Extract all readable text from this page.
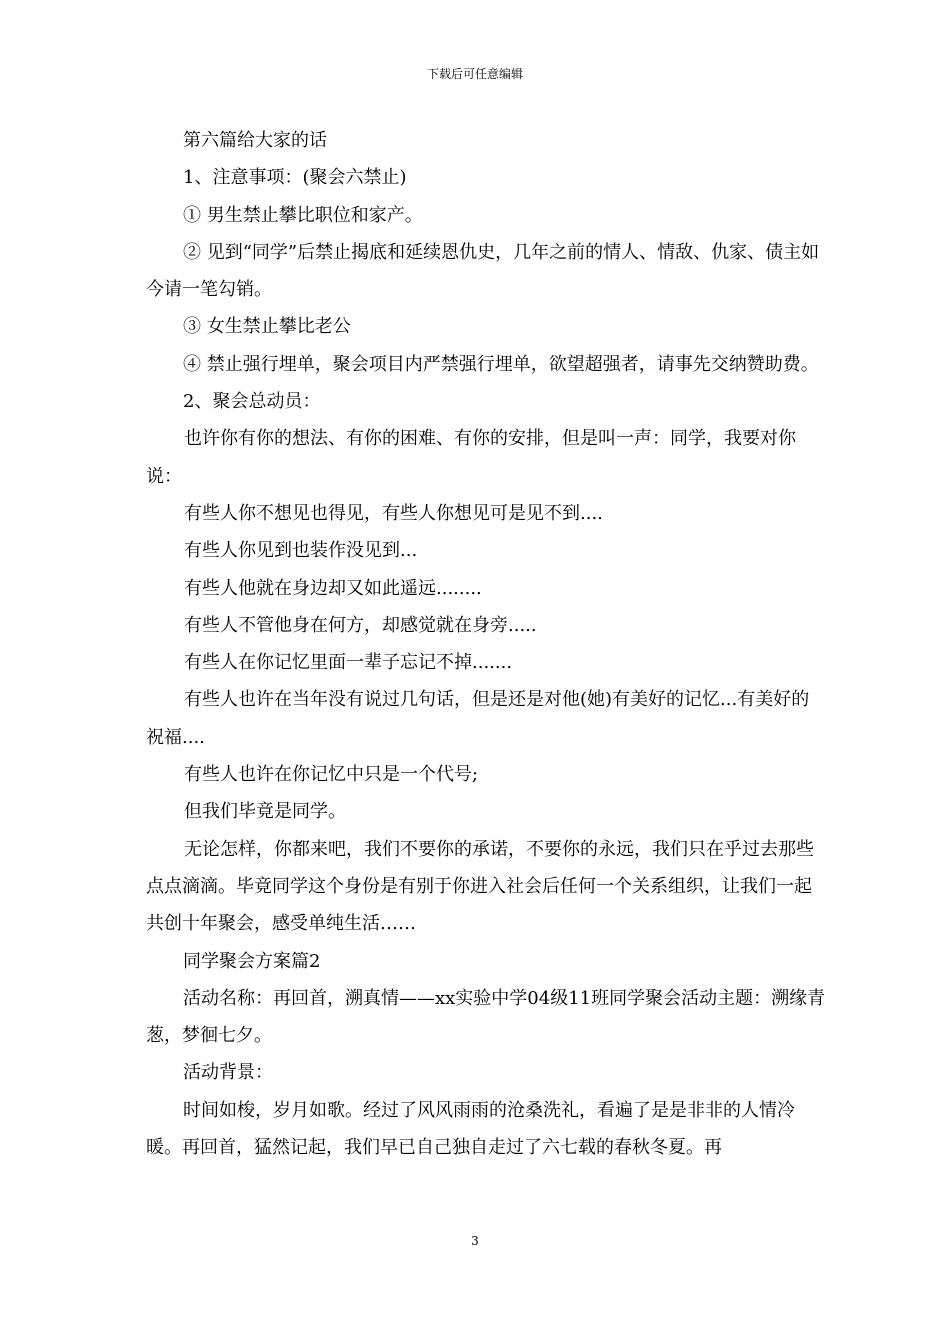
下载后可任意编辑

第六篇给大家的话

1、注意事项：(聚会六禁止)

① 男生禁止攀比职位和家产。

② 见到“同学”后禁止揭底和延续恩仇史，几年之前的情人、情敌、仇家、债主如今请一笔勾销。

③ 女生禁止攀比老公

④ 禁止强行埋单，聚会项目内严禁强行埋单，欲望超强者，请事先交纳赞助费。

2、聚会总动员：

也许你有你的想法、有你的困难、有你的安排，但是叫一声：同学，我要对你说：

有些人你不想见也得见，有些人你想见可是见不到....

有些人你见到也装作没见到...

有些人他就在身边却又如此遥远........

有些人不管他身在何方，却感觉就在身旁.....

有些人在你记忆里面一辈子忘记不掉.......

有些人也许在当年没有说过几句话，但是还是对他(她)有美好的记忆...有美好的祝福....

有些人也许在你记忆中只是一个代号;

但我们毕竟是同学。

无论怎样，你都来吧，我们不要你的承诺，不要你的永远，我们只在乎过去那些点点滴滴。毕竟同学这个身份是有别于你进入社会后任何一个关系组织，让我们一起共创十年聚会，感受单纯生活……

同学聚会方案篇2

活动名称：再回首，溯真情——xx实验中学04级11班同学聚会活动主题：溯缘青葱，梦徊七夕。

活动背景：

时间如梭，岁月如歌。经过了风风雨雨的沧桑洗礼，看遍了是是非非的人情冷暖。再回首，猛然记起，我们早已自己独自走过了六七载的春秋冬夏。再

3
